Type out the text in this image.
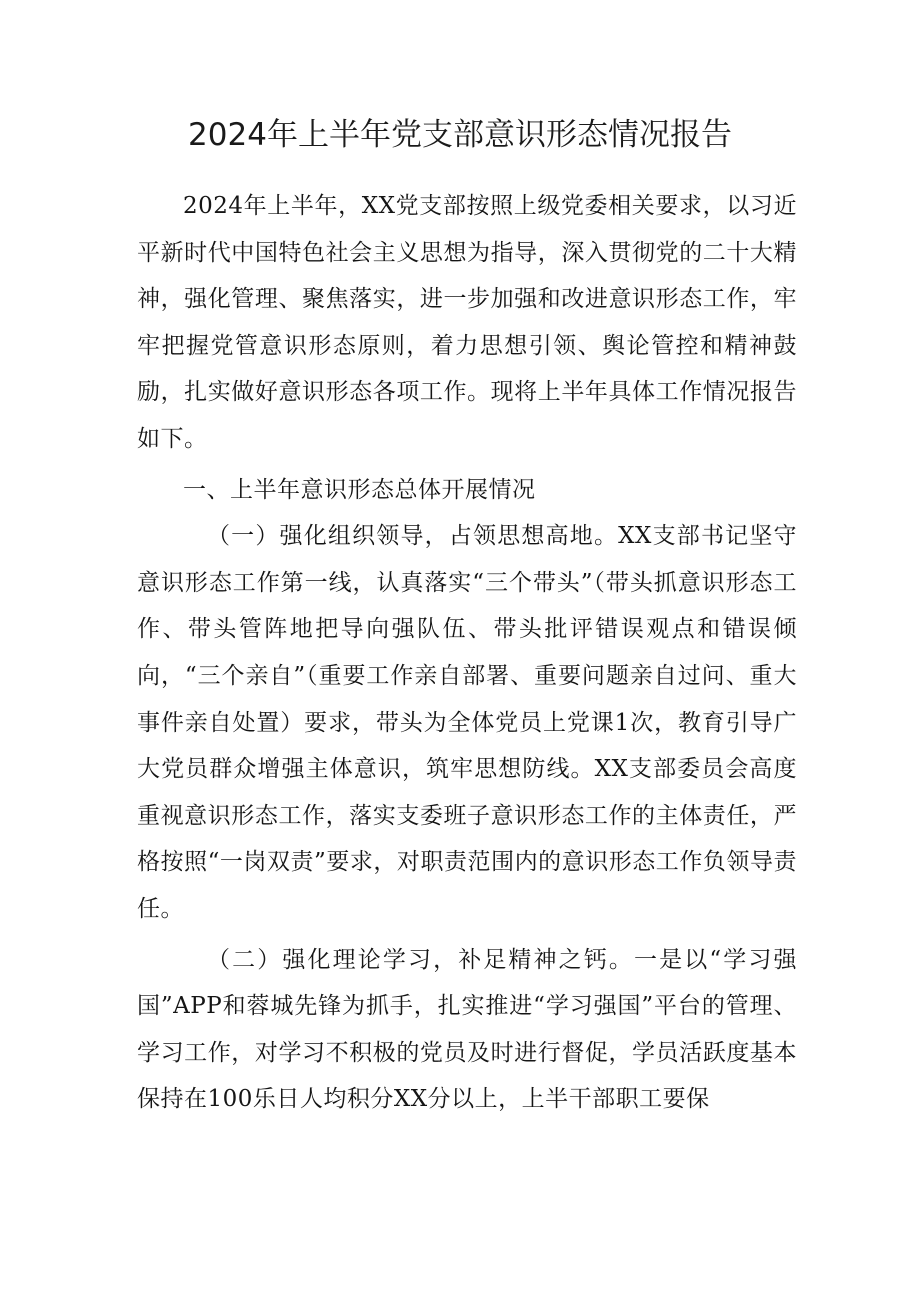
2024年上半年党支部意识形态情况报告

2024年上半年，XX党支部按照上级党委相关要求，以习近平新时代中国特色社会主义思想为指导，深入贯彻党的二十大精神，强化管理、聚焦落实，进一步加强和改进意识形态工作，牢牢把握党管意识形态原则，着力思想引领、舆论管控和精神鼓励，扎实做好意识形态各项工作。现将上半年具体工作情况报告如下。

一、上半年意识形态总体开展情况

（一）强化组织领导，占领思想高地。XX支部书记坚守意识形态工作第一线，认真落实“三个带头”（带头抓意识形态工作、带头管阵地把导向强队伍、带头批评错误观点和错误倾向，“三个亲自”（重要工作亲自部署、重要问题亲自过问、重大事件亲自处置）要求，带头为全体党员上党课1次，教育引导广大党员群众增强主体意识，筑牢思想防线。XX支部委员会高度重视意识形态工作，落实支委班子意识形态工作的主体责任，严格按照“一岗双责”要求，对职责范围内的意识形态工作负领导责任。

（二）强化理论学习，补足精神之钙。一是以“学习强国”APP和蓉城先锋为抓手，扎实推进“学习强国”平台的管理、学习工作，对学习不积极的党员及时进行督促，学员活跃度基本保持在100乐日人均积分XX分以上，上半干部职工要保
